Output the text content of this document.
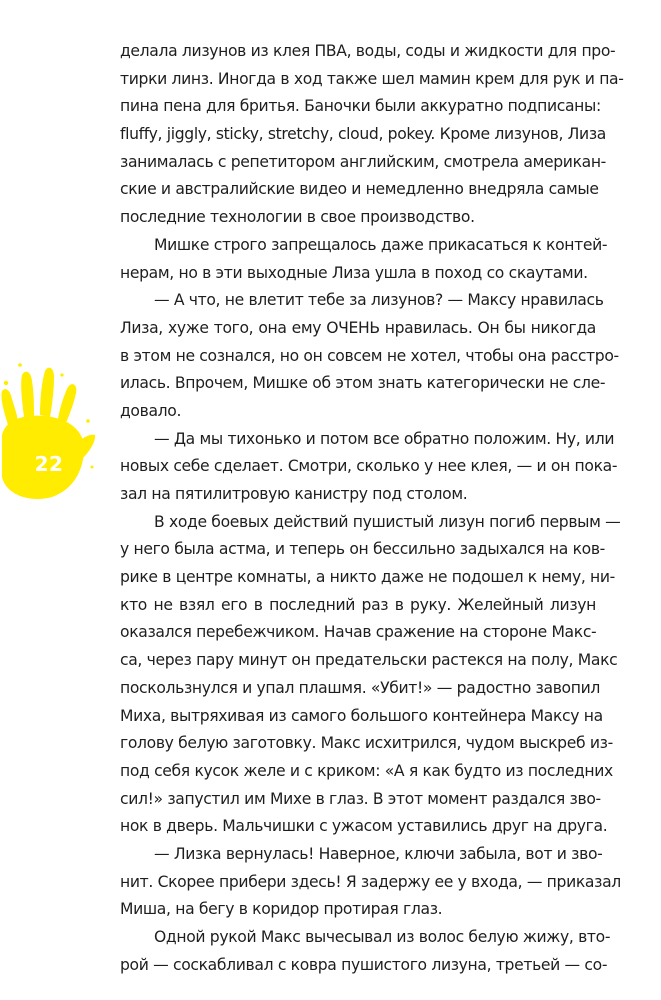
22
делала лизунов из клея ПВА, воды, соды и жидкости для про-
тирки линз. Иногда в ход также шел мамин крем для рук и па-
пина пена для бритья. Баночки были аккуратно подписаны:
fluffy, jiggly, sticky, stretchy, cloud, pokey. Кроме лизунов, Лиза
занималась с репетитором английским, смотрела американ-
ские и австралийские видео и немедленно внедряла самые
последние технологии в свое производство.
Мишке строго запрещалось даже прикасаться к контей-
нерам, но в эти выходные Лиза ушла в поход со скаутами.
— А что, не влетит тебе за лизунов? — Максу нравилась
Лиза, хуже того, она ему ОЧЕНЬ нравилась. Он бы никогда
в этом не сознался, но он совсем не хотел, чтобы она расстро-
илась. Впрочем, Мишке об этом знать категорически не сле-
довало.
— Да мы тихонько и потом все обратно положим. Ну, или
новых себе сделает. Смотри, сколько у нее клея, — и он пока-
зал на пятилитровую канистру под столом.
В ходе боевых действий пушистый лизун погиб первым —
у него была астма, и теперь он бессильно задыхался на ков-
рике в центре комнаты, а никто даже не подошел к нему, ни-
кто не взял его в последний раз в руку. Желейный лизун
оказался перебежчиком. Начав сражение на стороне Макс-
са, через пару минут он предательски растекся на полу, Макс
поскользнулся и упал плашмя. «Убит!» — радостно завопил
Миха, вытряхивая из самого большого контейнера Максу на
голову белую заготовку. Макс исхитрился, чудом выскреб из-
под себя кусок желе и с криком: «А я как будто из последних
сил!» запустил им Михе в глаз. В этот момент раздался зво-
нок в дверь. Мальчишки с ужасом уставились друг на друга.
— Лизка вернулась! Наверное, ключи забыла, вот и зво-
нит. Скорее прибери здесь! Я задержу ее у входа, — приказал
Миша, на бегу в коридор протирая глаз.
Одной рукой Макс вычесывал из волос белую жижу, вто-
рой — соскабливал с ковра пушистого лизуна, третьей — со-
